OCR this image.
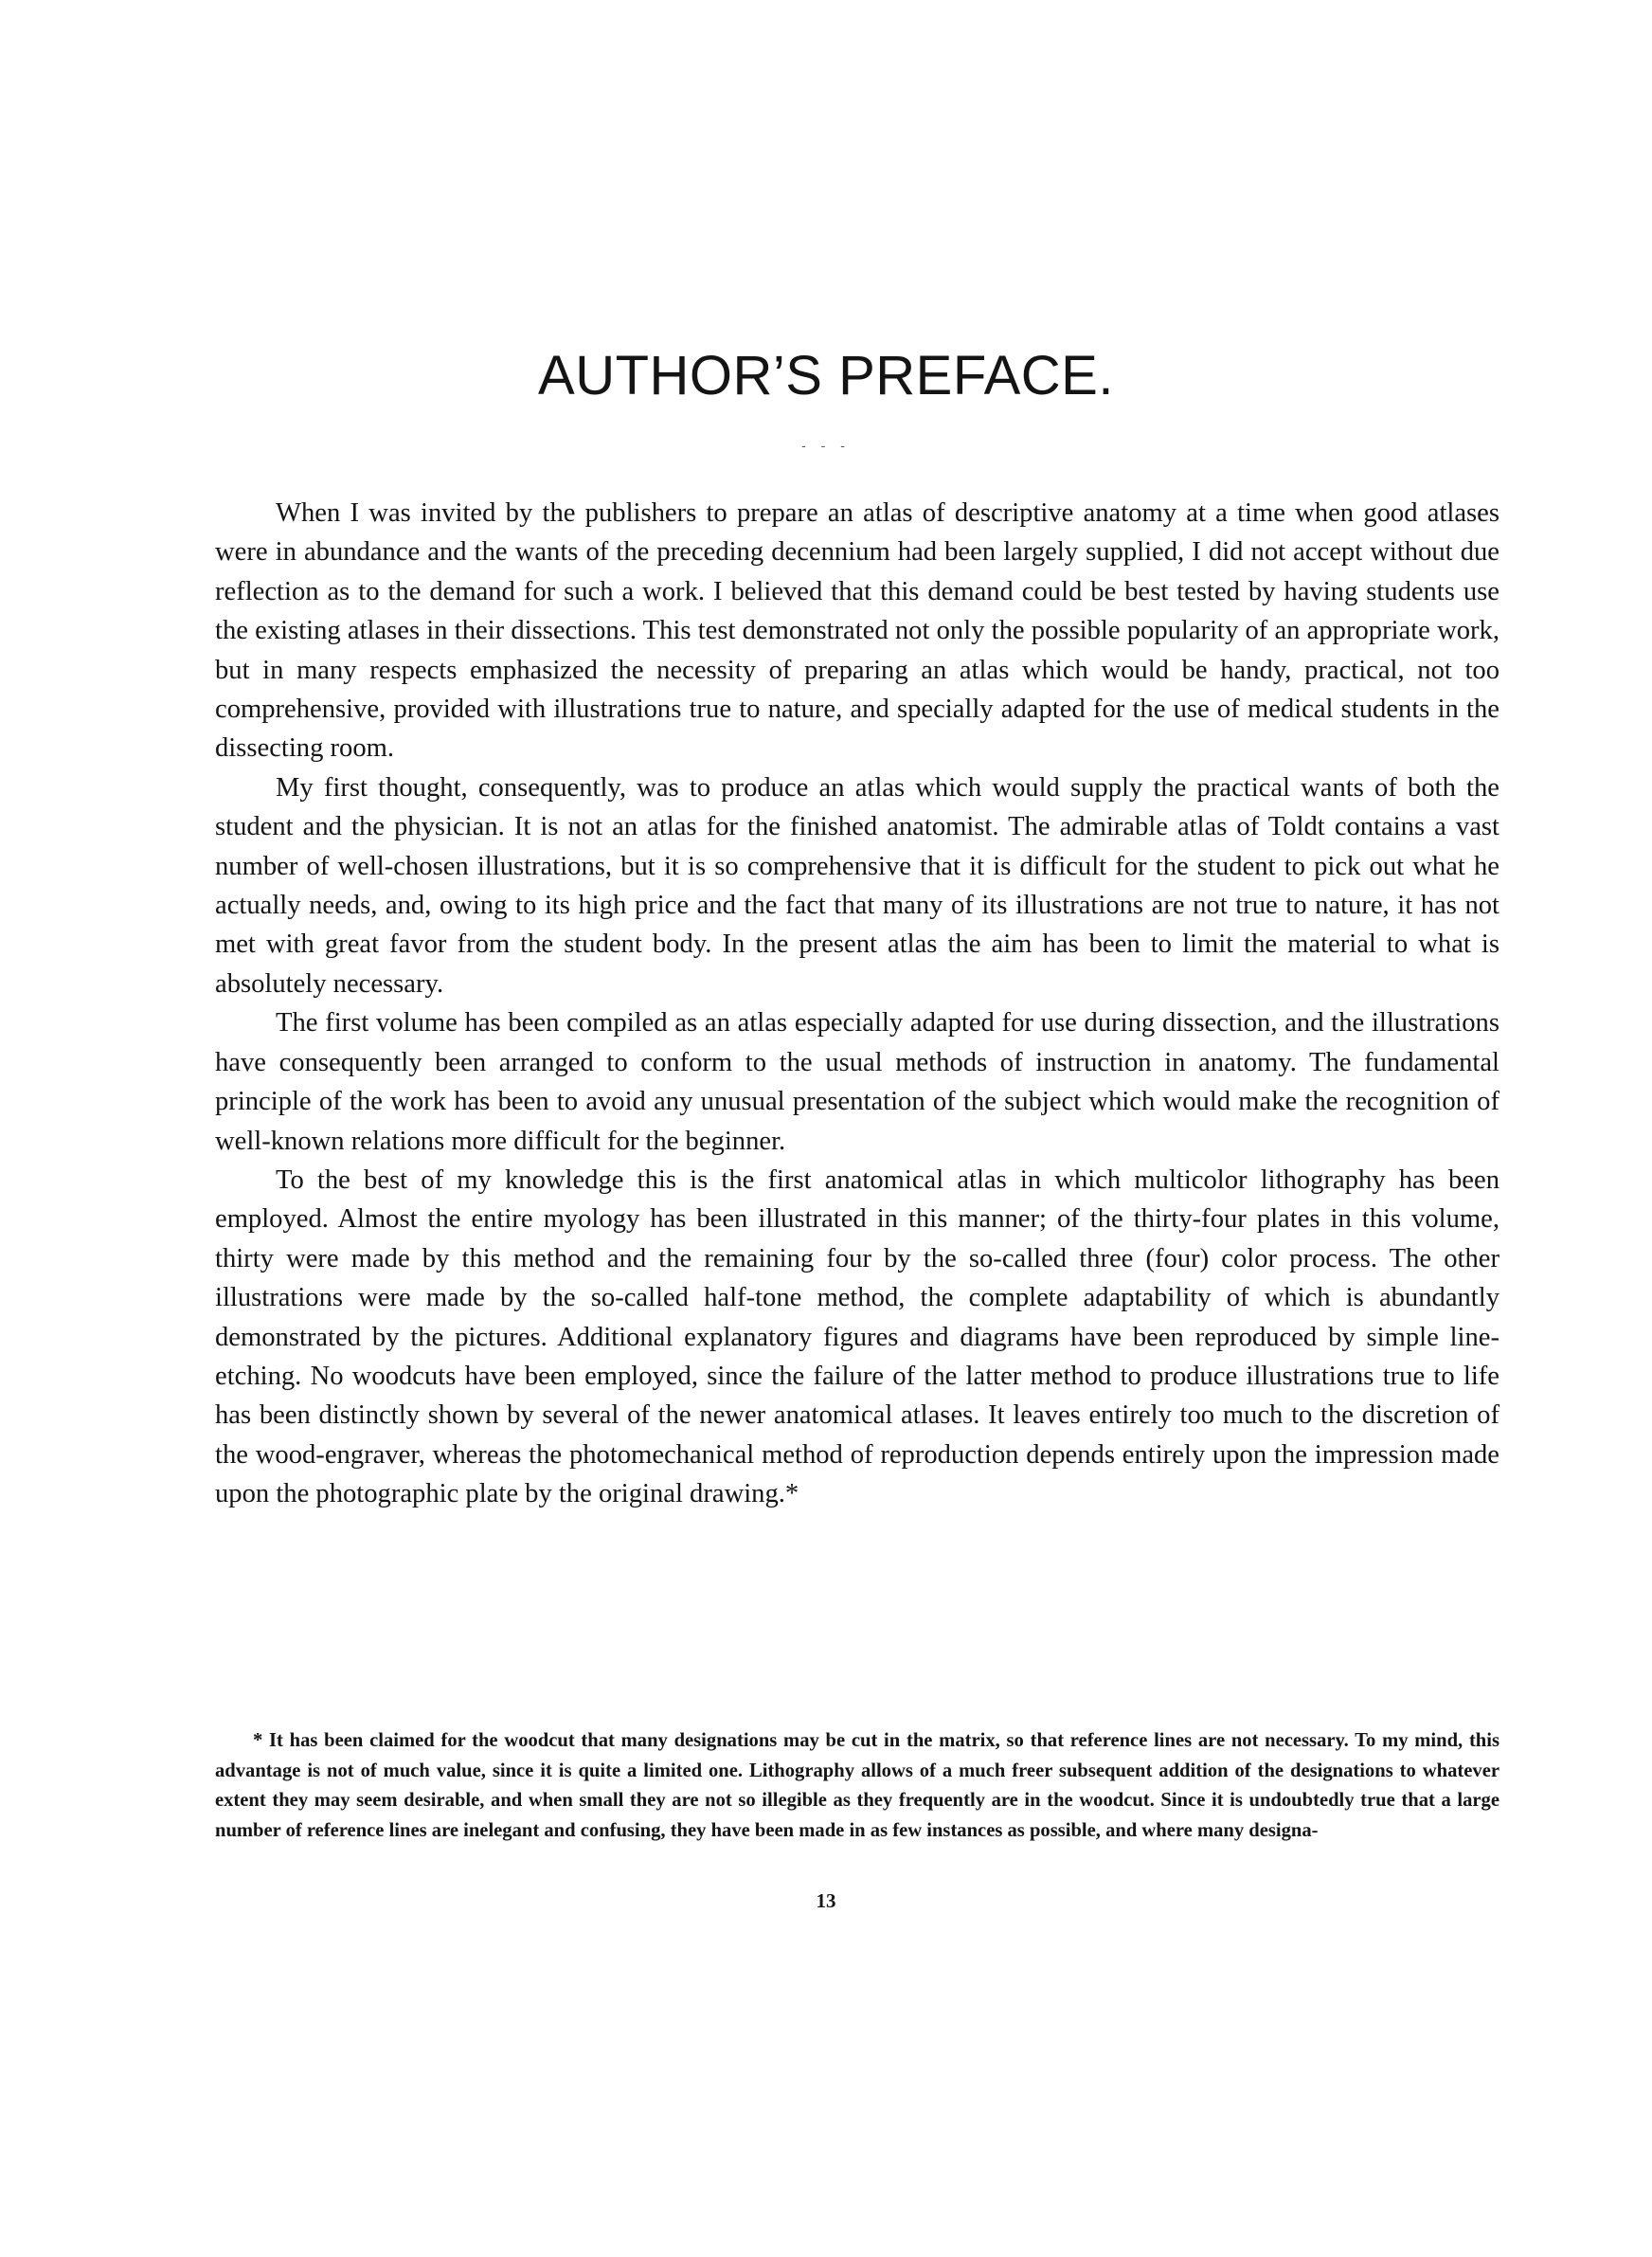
AUTHOR’S PREFACE.
- - -

When I was invited by the publishers to prepare an atlas of descriptive anatomy at a time when good atlases were in abundance and the wants of the preceding decennium had been largely supplied, I did not accept without due reflection as to the demand for such a work. I believed that this demand could be best tested by having students use the existing atlases in their dissections. This test demonstrated not only the possible popularity of an appropriate work, but in many respects emphasized the necessity of preparing an atlas which would be handy, practical, not too comprehensive, provided with illustrations true to nature, and specially adapted for the use of medical students in the dissecting room.

My first thought, consequently, was to produce an atlas which would supply the practical wants of both the student and the physician. It is not an atlas for the finished anatomist. The admirable atlas of Toldt contains a vast number of well-chosen illustrations, but it is so comprehensive that it is difficult for the student to pick out what he actually needs, and, owing to its high price and the fact that many of its illustrations are not true to nature, it has not met with great favor from the student body. In the present atlas the aim has been to limit the material to what is absolutely necessary.

The first volume has been compiled as an atlas especially adapted for use during dissection, and the illustrations have consequently been arranged to conform to the usual methods of instruction in anatomy. The fundamental principle of the work has been to avoid any unusual presentation of the subject which would make the recognition of well-known relations more difficult for the beginner.

To the best of my knowledge this is the first anatomical atlas in which multicolor lithography has been employed. Almost the entire myology has been illustrated in this manner; of the thirty-four plates in this volume, thirty were made by this method and the remaining four by the so-called three (four) color process. The other illustrations were made by the so-called half-tone method, the complete adaptability of which is abundantly demonstrated by the pictures. Additional explanatory figures and diagrams have been reproduced by simple line-etching. No woodcuts have been employed, since the failure of the latter method to produce illustrations true to life has been distinctly shown by several of the newer anatomical atlases. It leaves entirely too much to the discretion of the wood-engraver, whereas the photomechanical method of reproduction depends entirely upon the impression made upon the photographic plate by the original drawing.*

* It has been claimed for the woodcut that many designations may be cut in the matrix, so that reference lines are not necessary. To my mind, this advantage is not of much value, since it is quite a limited one. Lithography allows of a much freer subsequent addition of the designations to whatever extent they may seem desirable, and when small they are not so illegible as they frequently are in the woodcut. Since it is undoubtedly true that a large number of reference lines are inelegant and confusing, they have been made in as few instances as possible, and where many designa-

13
